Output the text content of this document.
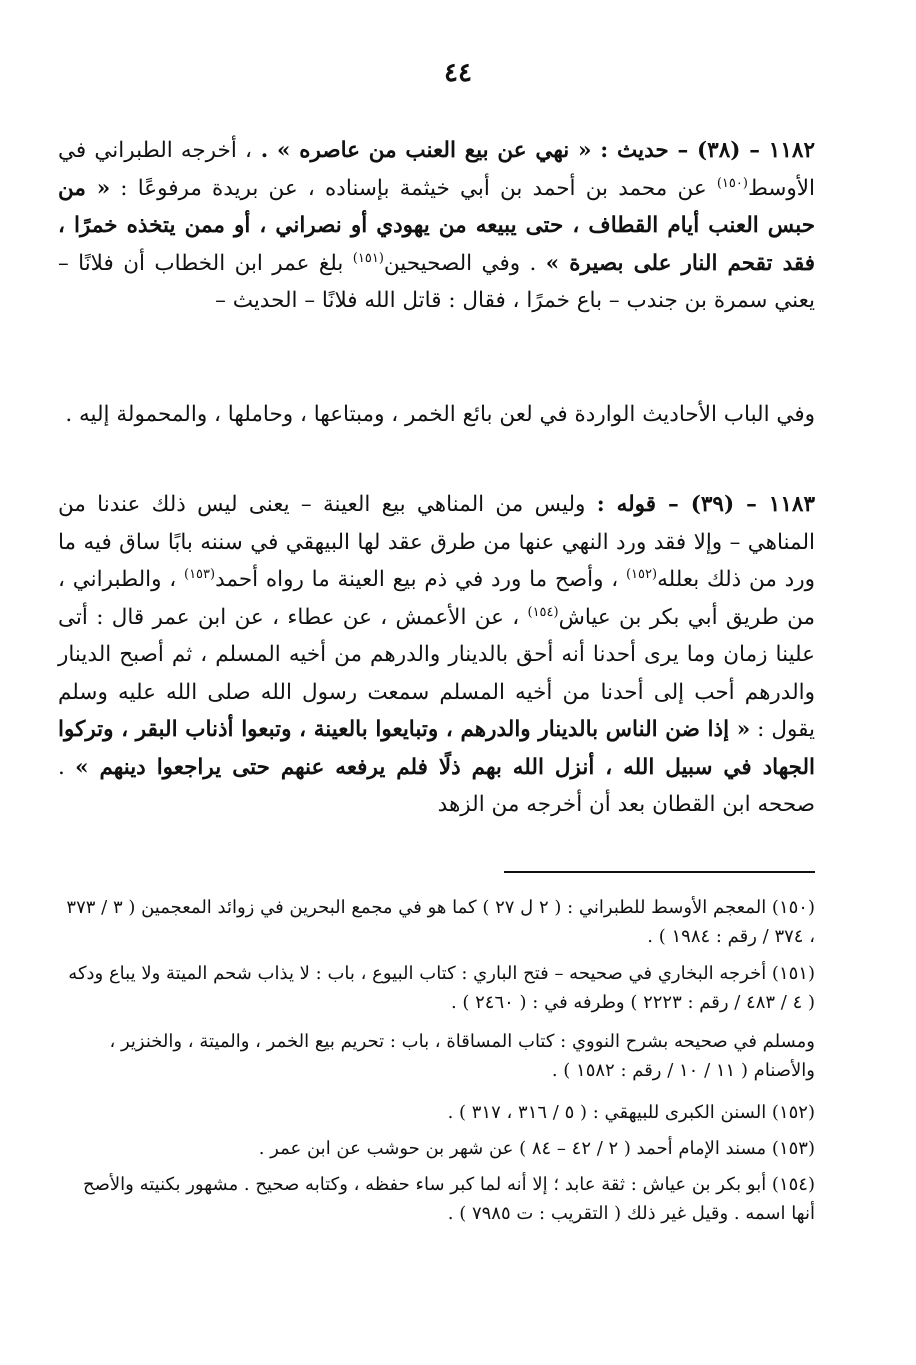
٤٤
١١٨٢ – (٣٨) – حديث : « نهي عن بيع العنب من عاصره » . ، أخرجه الطبراني في الأوسط$^{(١٥٠)}$ عن محمد بن أحمد بن أبي خيثمة بإسناده ، عن بريدة مرفوعًا : « من حبس العنب أيام القطاف ، حتى يبيعه من يهودي أو نصراني ، أو ممن يتخذه خمرًا ، فقد تقحم النار على بصيرة » . وفي الصحيحين$^{(١٥١)}$ بلغ عمر ابن الخطاب أن فلانًا – يعني سمرة بن جندب – باع خمرًا ، فقال : قاتل الله فلانًا – الحديث –
وفي الباب الأحاديث الواردة في لعن بائع الخمر ، ومبتاعها ، وحاملها ، والمحمولة إليه .
١١٨٣ – (٣٩) – قوله : وليس من المناهي بيع العينة – يعنى ليس ذلك عندنا من المناهي – وإلا فقد ورد النهي عنها من طرق عقد لها البيهقي في سننه بابًا ساق فيه ما ورد من ذلك بعلله$^{(١٥٢)}$ ، وأصح ما ورد في ذم بيع العينة ما رواه أحمد$^{(١٥٣)}$ ، والطبراني ، من طريق أبي بكر بن عياش$^{(١٥٤)}$ ، عن الأعمش ، عن عطاء ، عن ابن عمر قال : أتى علينا زمان وما يرى أحدنا أنه أحق بالدينار والدرهم من أخيه المسلم ، ثم أصبح الدينار والدرهم أحب إلى أحدنا من أخيه المسلم سمعت رسول الله صلى الله عليه وسلم يقول : « إذا ضن الناس بالدينار والدرهم ، وتبايعوا بالعينة ، وتبعوا أذناب البقر ، وتركوا الجهاد في سبيل الله ، أنزل الله بهم ذلًا فلم يرفعه عنهم حتى يراجعوا دينهم » . صححه ابن القطان بعد أن أخرجه من الزهد
(١٥٠) المعجم الأوسط للطبراني : ( ٢ ل ٢٧ ) كما هو في مجمع البحرين في زوائد المعجمين ( ٣ / ٣٧٣ ، ٣٧٤ / رقم : ١٩٨٤ ) .
(١٥١) أخرجه البخاري في صحيحه – فتح الباري : كتاب البيوع ، باب : لا يذاب شحم الميتة ولا يباع ودكه ( ٤ / ٤٨٣ / رقم : ٢٢٢٣ ) وطرفه في : ( ٢٤٦٠ ) .
ومسلم في صحيحه بشرح النووي : كتاب المساقاة ، باب : تحريم بيع الخمر ، والميتة ، والخنزير ، والأصنام ( ١١ / ١٠ / رقم : ١٥٨٢ ) .
(١٥٢) السنن الكبرى للبيهقي : ( ٥ / ٣١٦ ، ٣١٧ ) .
(١٥٣) مسند الإمام أحمد ( ٢ / ٤٢ – ٨٤ ) عن شهر بن حوشب عن ابن عمر .
(١٥٤) أبو بكر بن عياش : ثقة عابد ؛ إلا أنه لما كبر ساء حفظه ، وكتابه صحيح . مشهور بكنيته والأصح أنها اسمه . وقيل غير ذلك ( التقريب : ت ٧٩٨٥ ) .
